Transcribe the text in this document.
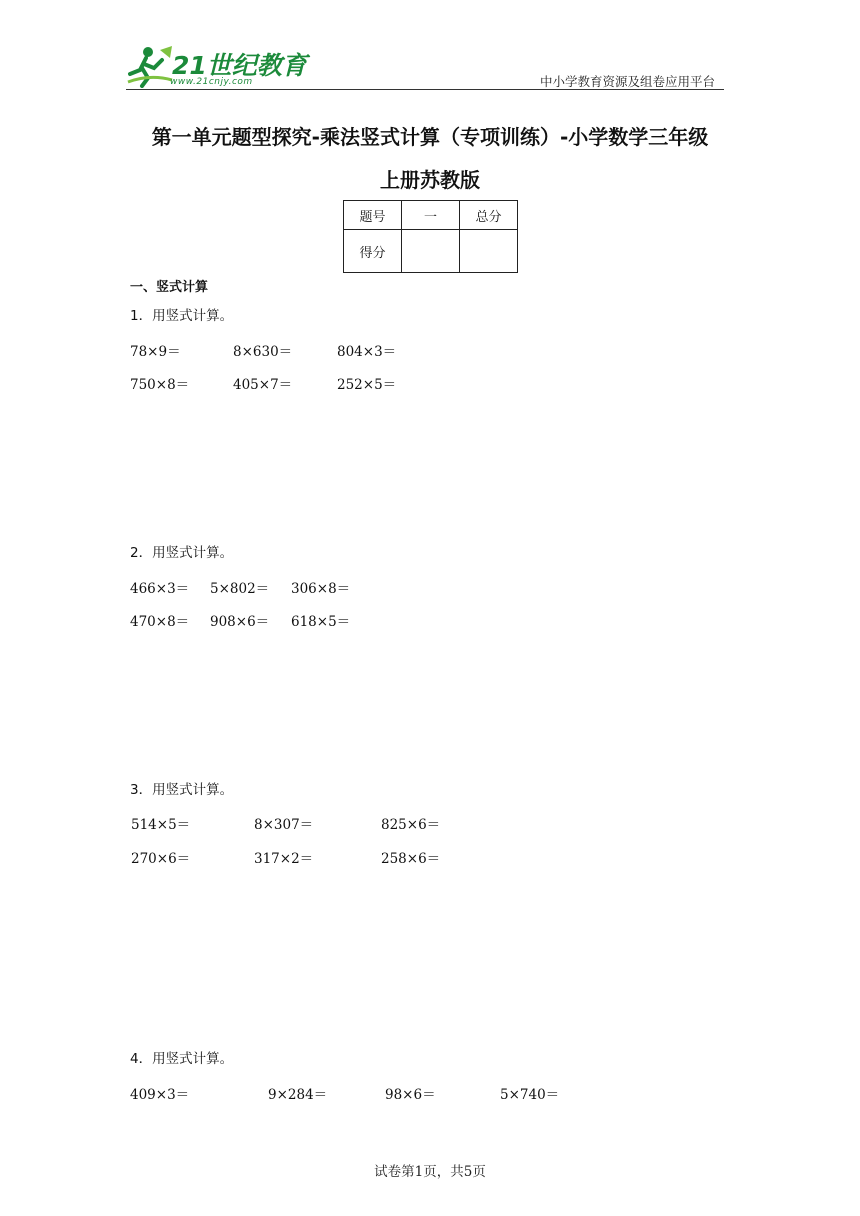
21世纪教育
www.21cnjy.com	中小学教育资源及组卷应用平台
第一单元题型探究-乘法竖式计算（专项训练）-小学数学三年级
上册苏教版
题号	一	总分
得分		
一、竖式计算
1．用竖式计算。
78×9＝	8×630＝	804×3＝
750×8＝	405×7＝	252×5＝
2．用竖式计算。
466×3＝ 5×802＝ 306×8＝
470×8＝ 908×6＝ 618×5＝
3．用竖式计算。
514×5＝	8×307＝	825×6＝
270×6＝	317×2＝	258×6＝
4．用竖式计算。
409×3＝	9×284＝	98×6＝	5×740＝
试卷第1页，共5页
